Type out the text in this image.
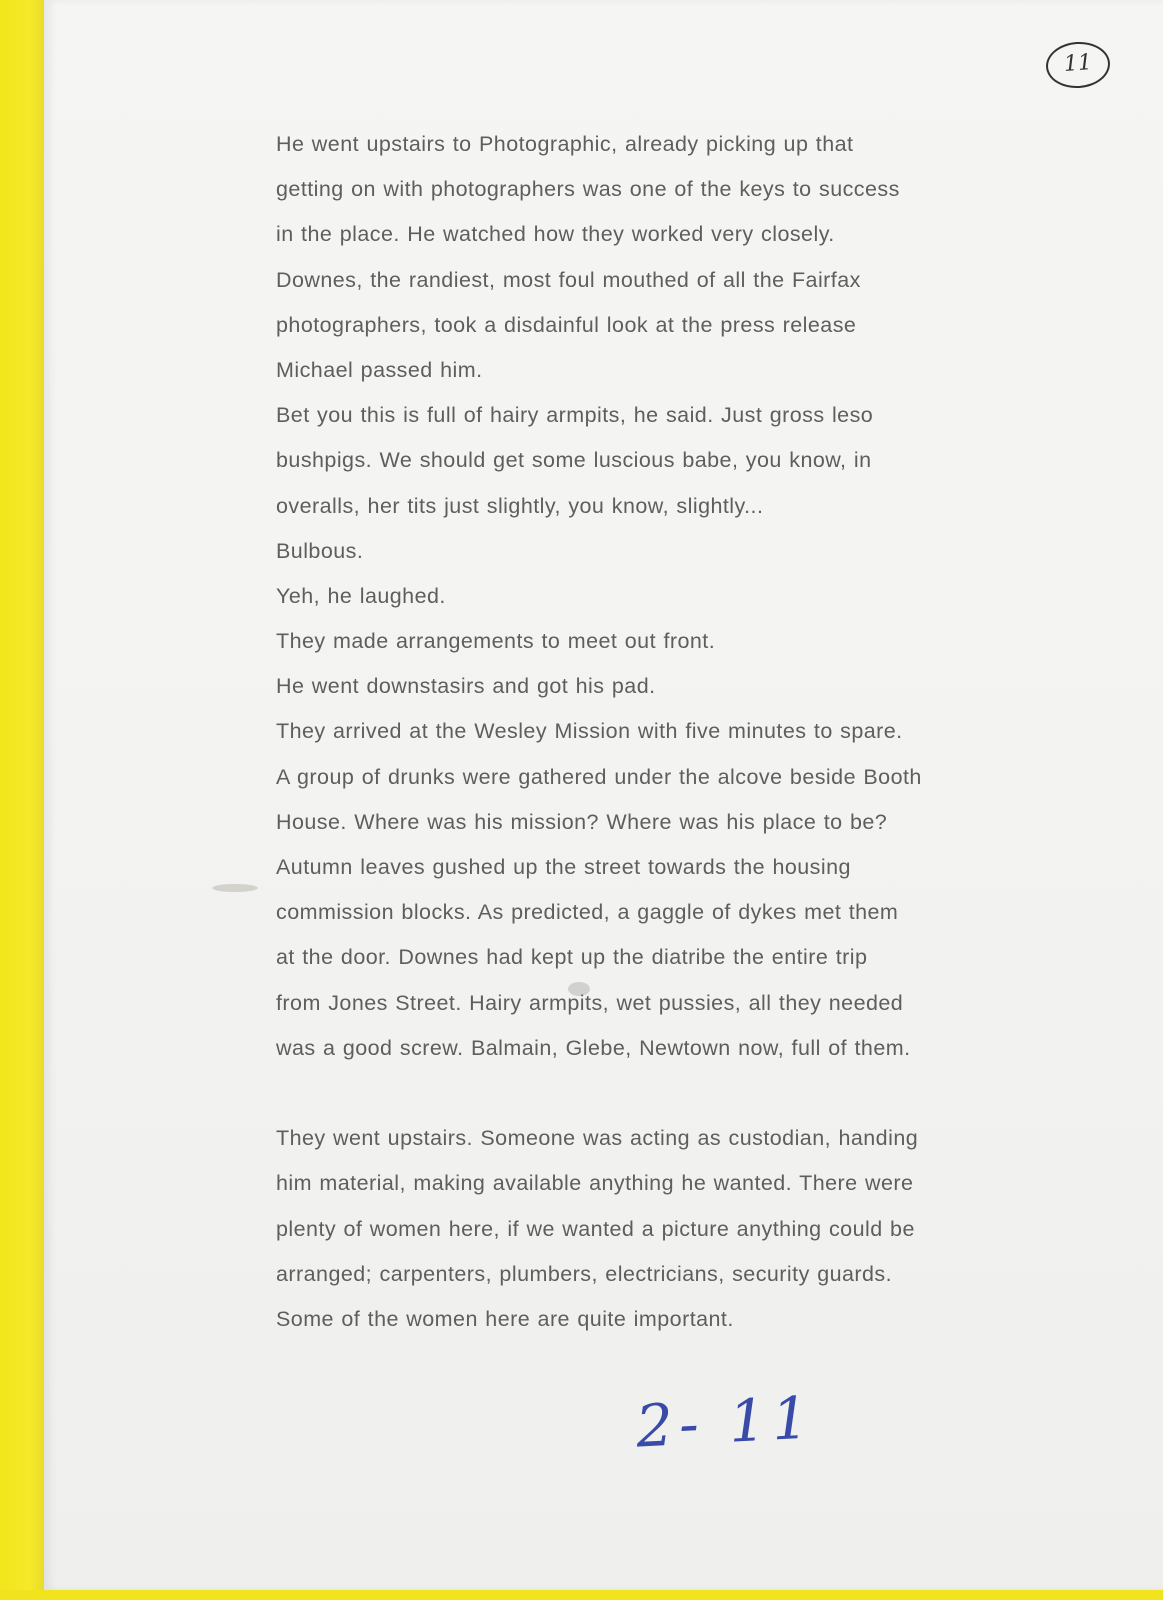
11
He went upstairs to Photographic, already picking up that
getting on with photographers was one of the keys to success
in the place. He watched how they worked very closely.
Downes, the randiest, most foul mouthed of all the Fairfax
photographers, took a disdainful look at the press release
Michael passed him.
Bet you this is full of hairy armpits, he said. Just gross leso
bushpigs. We should get some luscious babe, you know, in
overalls, her tits just slightly, you know, slightly...
Bulbous.
Yeh, he laughed.
They made arrangements to meet out front.
He went downstasirs and got his pad.
They arrived at the Wesley Mission with five minutes to spare.
A group of drunks were gathered under the alcove beside Booth
House. Where was his mission? Where was his place to be?
Autumn leaves gushed up the street towards the housing
commission blocks. As predicted, a gaggle of dykes met them
at the door. Downes had kept up the diatribe the entire trip
from Jones Street. Hairy armpits, wet pussies, all they needed
was a good screw. Balmain, Glebe, Newtown now, full of them.
They went upstairs. Someone was acting as custodian, handing
him material, making available anything he wanted. There were
plenty of women here, if we wanted a picture anything could be
arranged; carpenters, plumbers, electricians, security guards.
Some of the women here are quite important.
2- 11
